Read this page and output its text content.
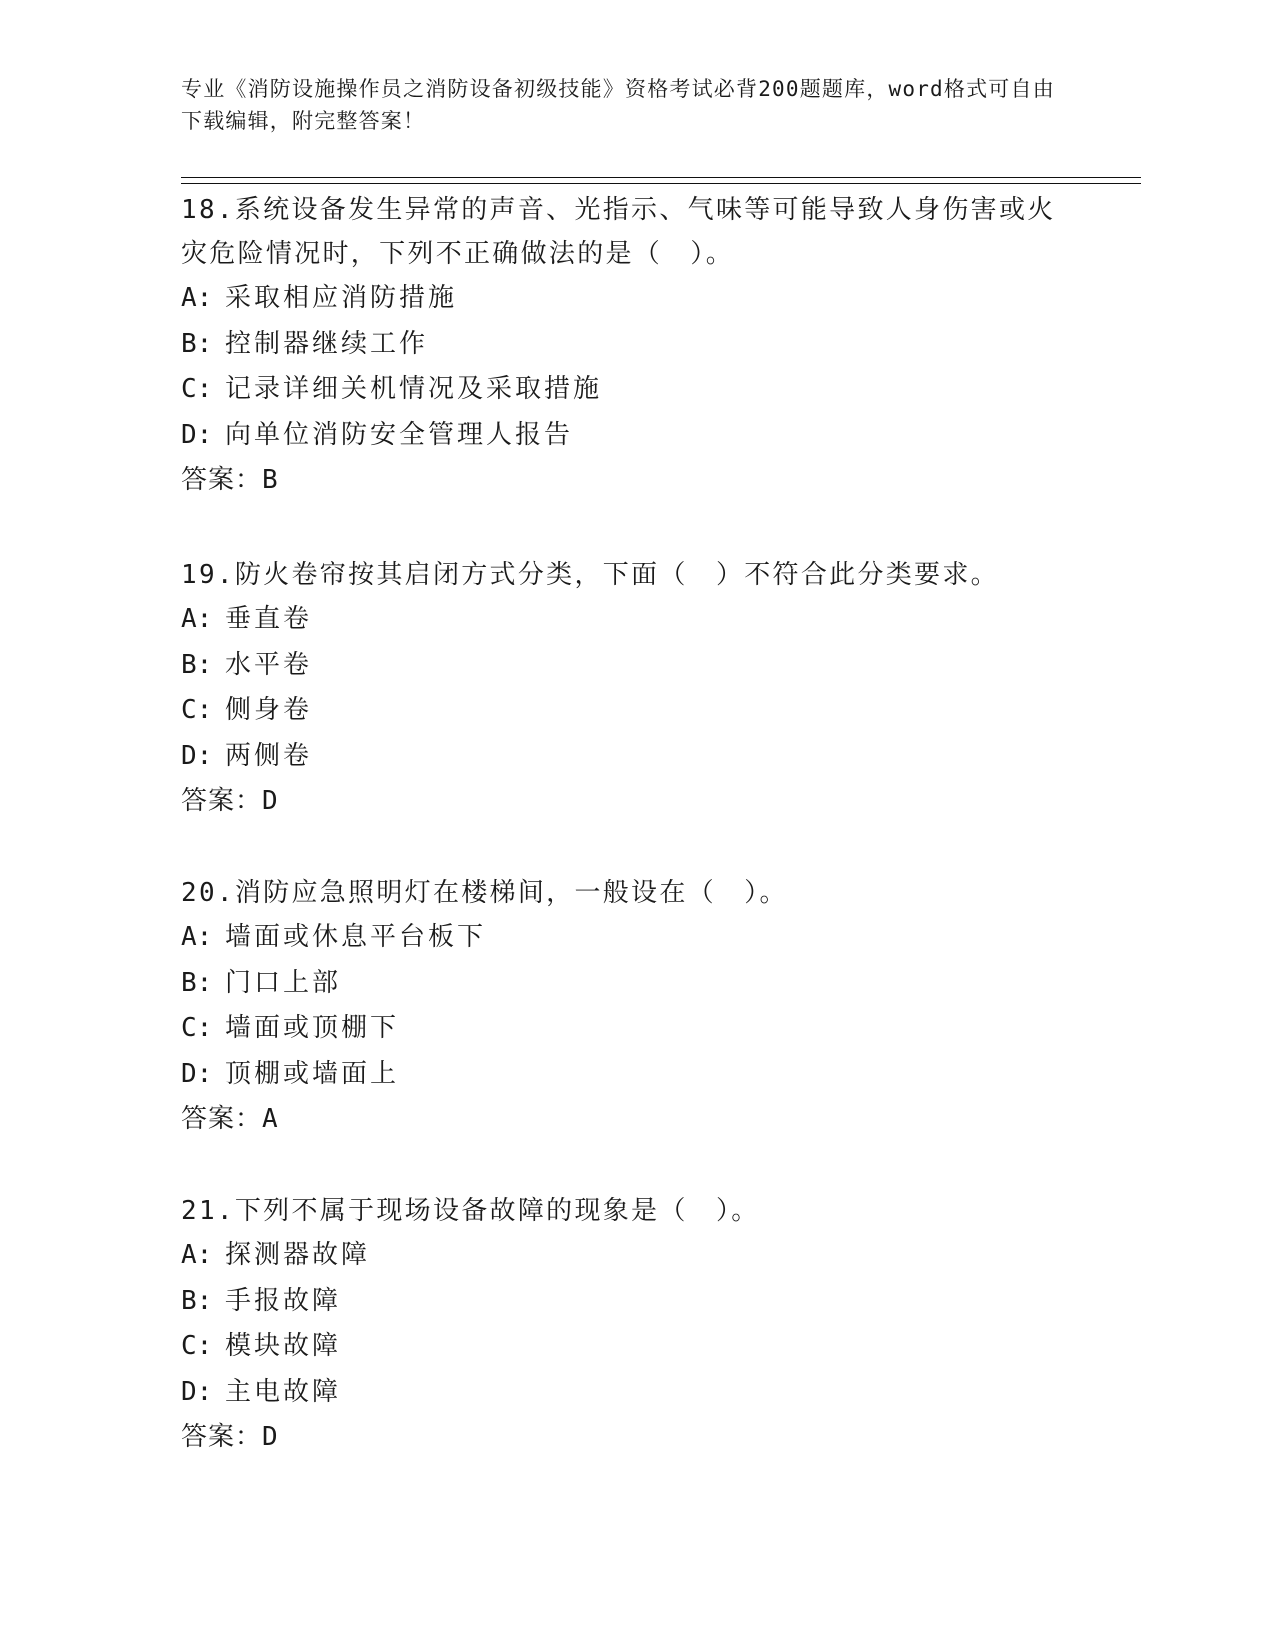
专业《消防设施操作员之消防设备初级技能》资格考试必背200题题库，word格式可自由下载编辑，附完整答案！
18.系统设备发生异常的声音、光指示、气味等可能导致人身伤害或火灾危险情况时，下列不正确做法的是（　）。
A: 采取相应消防措施
B: 控制器继续工作
C: 记录详细关机情况及采取措施
D: 向单位消防安全管理人报告
答案：B
19.防火卷帘按其启闭方式分类，下面（　）不符合此分类要求。
A: 垂直卷
B: 水平卷
C: 侧身卷
D: 两侧卷
答案：D
20.消防应急照明灯在楼梯间，一般设在（　）。
A: 墙面或休息平台板下
B: 门口上部
C: 墙面或顶棚下
D: 顶棚或墙面上
答案：A
21.下列不属于现场设备故障的现象是（　）。
A: 探测器故障
B: 手报故障
C: 模块故障
D: 主电故障
答案：D
